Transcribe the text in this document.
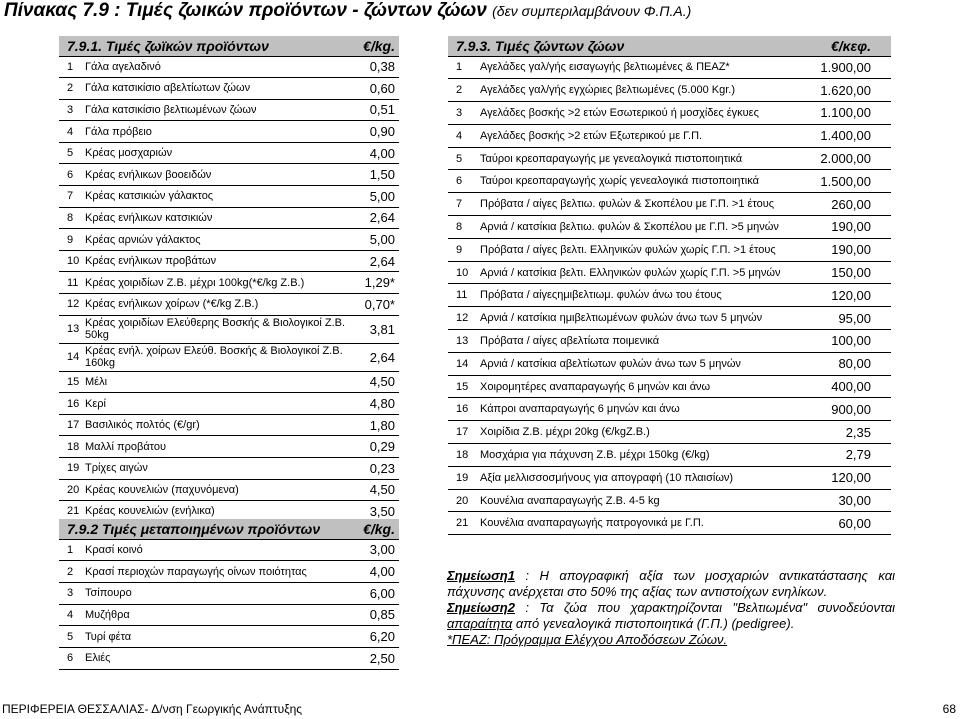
Πίνακας 7.9 : Τιμές ζωικών προϊόντων - ζώντων ζώων (δεν συμπεριλαμβάνουν Φ.Π.Α.)
7.9.1. Τιμές ζωϊκών προϊόντων		€/kg.
1	Γάλα αγελαδινό	0,38
2	Γάλα κατσικίσιο αβελτίωτων ζώων	0,60
3	Γάλα κατσικίσιο βελτιωμένων ζώων	0,51
4	Γάλα πρόβειο	0,90
5	Κρέας μοσχαριών	4,00
6	Κρέας ενήλικων βοοειδών	1,50
7	Κρέας κατσικιών γάλακτος	5,00
8	Κρέας ενήλικων κατσικιών	2,64
9	Κρέας αρνιών γάλακτος	5,00
10	Κρέας ενήλικων προβάτων	2,64
11	Κρέας χοιριδίων Ζ.Β. μέχρι 100kg(*€/kg Ζ.Β.)	1,29*
12	Κρέας ενήλικων χοίρων (*€/kg Ζ.Β.)	0,70*
13	Κρέας χοιριδίων Ελεύθερης Βοσκής & Βιολογικοί Ζ.Β. 50kg	3,81
14	Κρέας ενήλ. χοίρων Ελεύθ. Βοσκής & Βιολογικοί Ζ.Β. 160kg	2,64
15	Μέλι	4,50
16	Κερί	4,80
17	Βασιλικός πολτός (€/gr)	1,80
18	Μαλλί προβάτου	0,29
19	Τρίχες αιγών	0,23
20	Κρέας κουνελιών (παχυνόμενα)	4,50
21	Κρέας κουνελιών (ενήλικα)	3,50
7.9.2 Τιμές μεταποιημένων προϊόντων		€/kg.
1	Κρασί κοινό	3,00
2	Κρασί περιοχών παραγωγής οίνων ποιότητας	4,00
3	Τσίπουρο	6,00
4	Μυζήθρα	0,85
5	Τυρί φέτα	6,20
6	Ελιές	2,50
7.9.3. Τιμές ζώντων ζώων		€/κεφ.
1	Αγελάδες γαλ/γής εισαγωγής βελτιωμένες & ΠΕΑΖ*	1.900,00
2	Αγελάδες γαλ/γής εγχώριες βελτιωμένες (5.000 Kgr.)	1.620,00
3	Αγελάδες βοσκής >2 ετών Εσωτερικού ή μοσχίδες έγκυες	1.100,00
4	Αγελάδες βοσκής >2 ετών Εξωτερικού με Γ.Π.	1.400,00
5	Ταύροι κρεοπαραγωγής με γενεαλογικά πιστοποιητικά	2.000,00
6	Ταύροι κρεοπαραγωγής χωρίς γενεαλογικά πιστοποιητικά	1.500,00
7	Πρόβατα / αίγες βελτιω. φυλών & Σκοπέλου με Γ.Π. >1 έτους	260,00
8	Αρνιά / κατσίκια βελτιω. φυλών & Σκοπέλου με Γ.Π. >5 μηνών	190,00
9	Πρόβατα / αίγες βελτι. Ελληνικών φυλών χωρίς Γ.Π. >1 έτους	190,00
10	Αρνιά / κατσίκια βελτι. Ελληνικών φυλών χωρίς Γ.Π. >5 μηνών	150,00
11	Πρόβατα / αίγεςημιβελτιωμ. φυλών άνω του έτους	120,00
12	Αρνιά / κατσίκια ημιβελτιωμένων φυλών άνω των 5 μηνών	95,00
13	Πρόβατα / αίγες αβελτίωτα ποιμενικά	100,00
14	Αρνιά / κατσίκια αβελτίωτων φυλών άνω των 5 μηνών	80,00
15	Χοιρομητέρες αναπαραγωγής 6 μηνών και άνω	400,00
16	Κάπροι αναπαραγωγής 6 μηνών και άνω	900,00
17	Χοιρίδια Ζ.Β. μέχρι 20kg (€/kgZ.B.)	2,35
18	Μοσχάρια για πάχυνση Ζ.Β. μέχρι 150kg (€/kg)	2,79
19	Αξία μελλισσοσμήνους για απογραφή (10 πλαισίων)	120,00
20	Κουνέλια αναπαραγωγής Ζ.Β. 4-5 kg	30,00
21	Κουνέλια αναπαραγωγής πατρογονικά με Γ.Π.	60,00

Σημείωση1 : Η απογραφική αξία των μοσχαριών αντικατάστασης και πάχυνσης ανέρχεται στο 50% της αξίας των αντιστοίχων ενηλίκων.

Σημείωση2 : Τα ζώα που χαρακτηρίζονται "Βελτιωμένα" συνοδεύονται απαραίτητα από γενεαλογικά πιστοποιητικά (Γ.Π.) (pedigree).

*ΠΕΑΖ: Πρόγραμμα Ελέγχου Αποδόσεων Ζώων.

ΠΕΡΙΦΕΡΕΙΑ ΘΕΣΣΑΛΙΑΣ- Δ/νση Γεωργικής Ανάπτυξης	68
